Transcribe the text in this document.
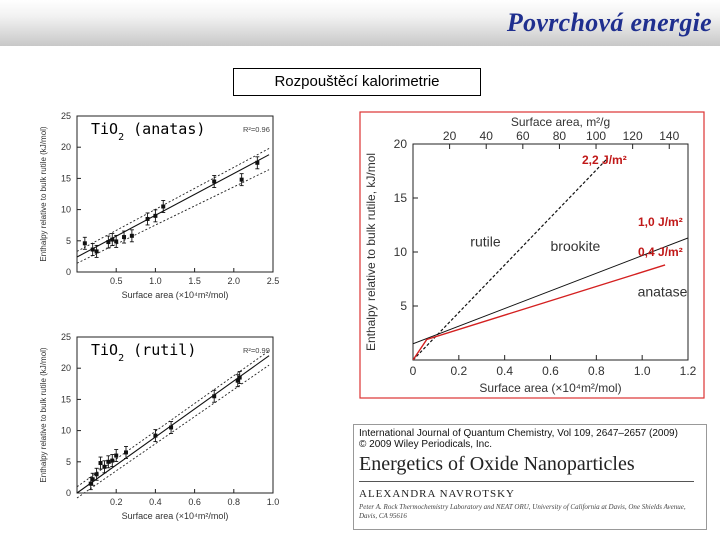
Povrchová energie
Rozpouštěcí kalorimetrie
0
5
10
15
20
25
0.5	1.0	1.5	2.0	2.5
Surface area (×10⁴m²/mol)
Enthalpy relative to bulk rutile (kJ/mol)	R²=0.96
TiO$_2$ (anatas)
0
5
10
15
20
25
0.2	0.4	0.6	0.8	1.0
Surface area (×10⁴m²/mol)
Enthalpy relative to bulk rutile (kJ/mol)	R²=0.99
TiO$_2$ (rutil)
5
10
15
20
0	0.2 0.4 0.6 0.8 1.0 1.2
Surface area (×10⁴m²/mol)
20 40 60 80 100 120 140
Surface area, m²/g
Enthalpy relative to bulk rutile, kJ/mol	rutile	brookite
anatase
2,2 J/m²
1,0 J/m²
0,4 J/m²
International Journal of Quantum Chemistry, Vol 109, 2647–2657 (2009)
© 2009 Wiley Periodicals, Inc.
Energetics of Oxide Nanoparticles
ALEXANDRA NAVROTSKY
Peter A. Rock Thermochemistry Laboratory and NEAT ORU, University of California at Davis, One Shields Avenue, Davis, CA 95616
